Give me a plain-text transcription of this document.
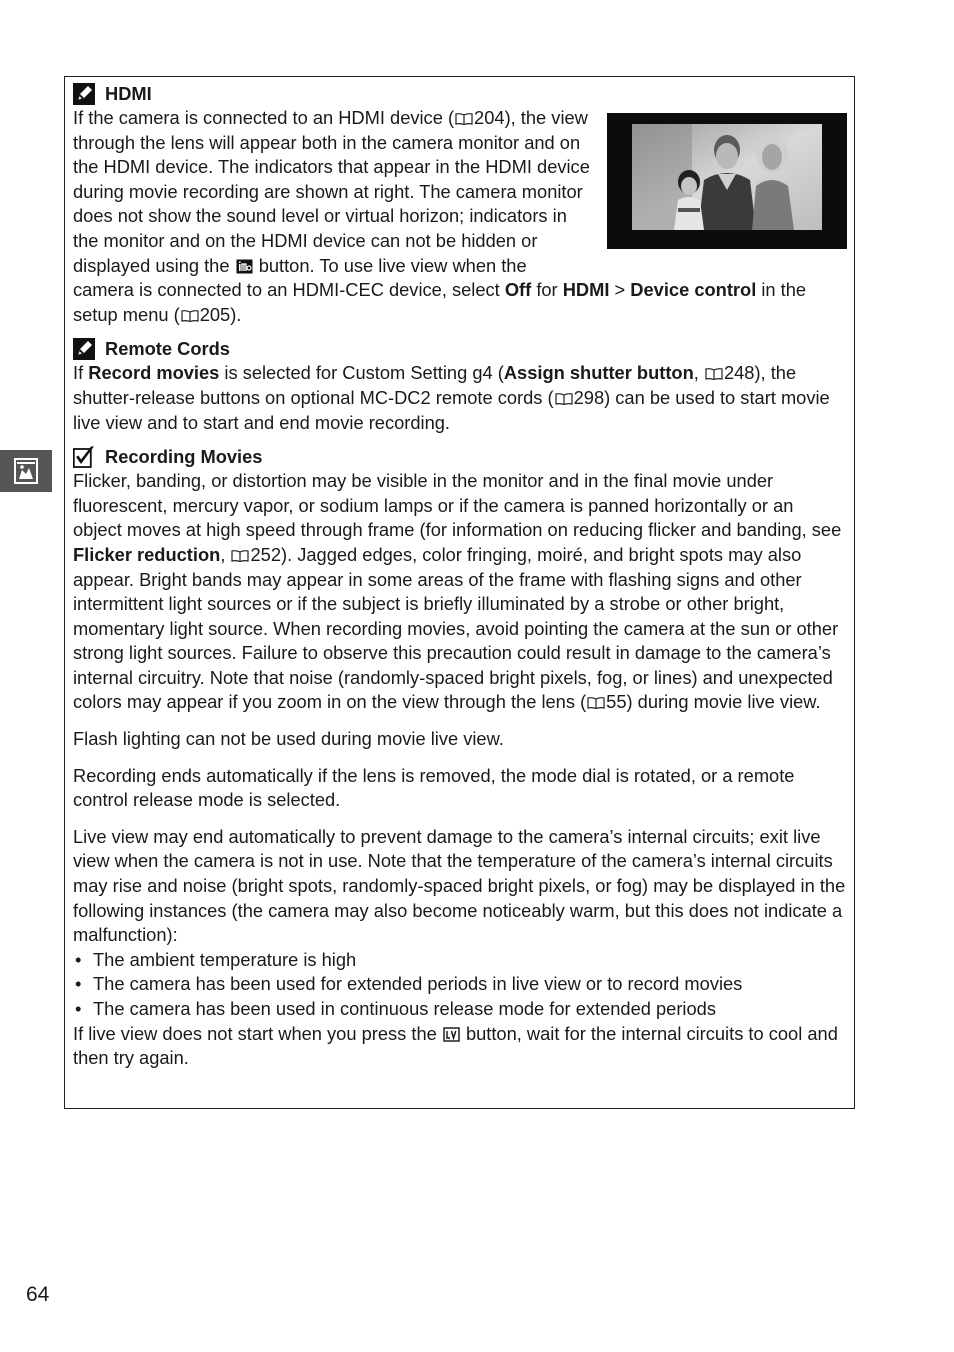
HDMI

If the camera is connected to an HDMI device ( 204), the view through the lens will appear both in the camera monitor and on the HDMI device. The indicators that appear in the HDMI device during movie recording are shown at right. The camera monitor does not show the sound level or virtual horizon; indicators in the monitor and on the HDMI device can not be hidden or displayed using the
button. To use live view when the camera is connected to an HDMI-CEC device, select Off for HDMI > Device control in the setup menu ( 205).

Remote Cords

If Record movies is selected for Custom Setting g4 (Assign shutter button,
248), the shutter-release buttons on optional MC-DC2 remote cords ( 298) can be used to start movie live view and to start and end movie recording.

Recording Movies

Flicker, banding, or distortion may be visible in the monitor and in the final movie under fluorescent, mercury vapor, or sodium lamps or if the camera is panned horizontally or an object moves at high speed through frame (for information on reducing flicker and banding, see Flicker reduction,
252). Jagged edges, color fringing, moiré, and bright spots may also appear. Bright bands may appear in some areas of the frame with flashing signs and other intermittent light sources or if the subject is briefly illuminated by a strobe or other bright, momentary light source. When recording movies, avoid pointing the camera at the sun or other strong light sources. Failure to observe this precaution could result in damage to the camera’s internal circuitry. Note that noise (randomly-spaced bright pixels, fog, or lines) and unexpected colors may appear if you zoom in on the view through the lens ( 55) during movie live view.

Flash lighting can not be used during movie live view.

Recording ends automatically if the lens is removed, the mode dial is rotated, or a remote control release mode is selected.

Live view may end automatically to prevent damage to the camera’s internal circuits; exit live view when the camera is not in use. Note that the temperature of the camera’s internal circuits may rise and noise (bright spots, randomly-spaced bright pixels, or fog) may be displayed in the following instances (the camera may also become noticeably warm, but this does not indicate a malfunction):

• The ambient temperature is high
• The camera has been used for extended periods in live view or to record movies
• The camera has been used in continuous release mode for extended periods

If live view does not start when you press the
button, wait for the internal circuits to cool and then try again.

64
